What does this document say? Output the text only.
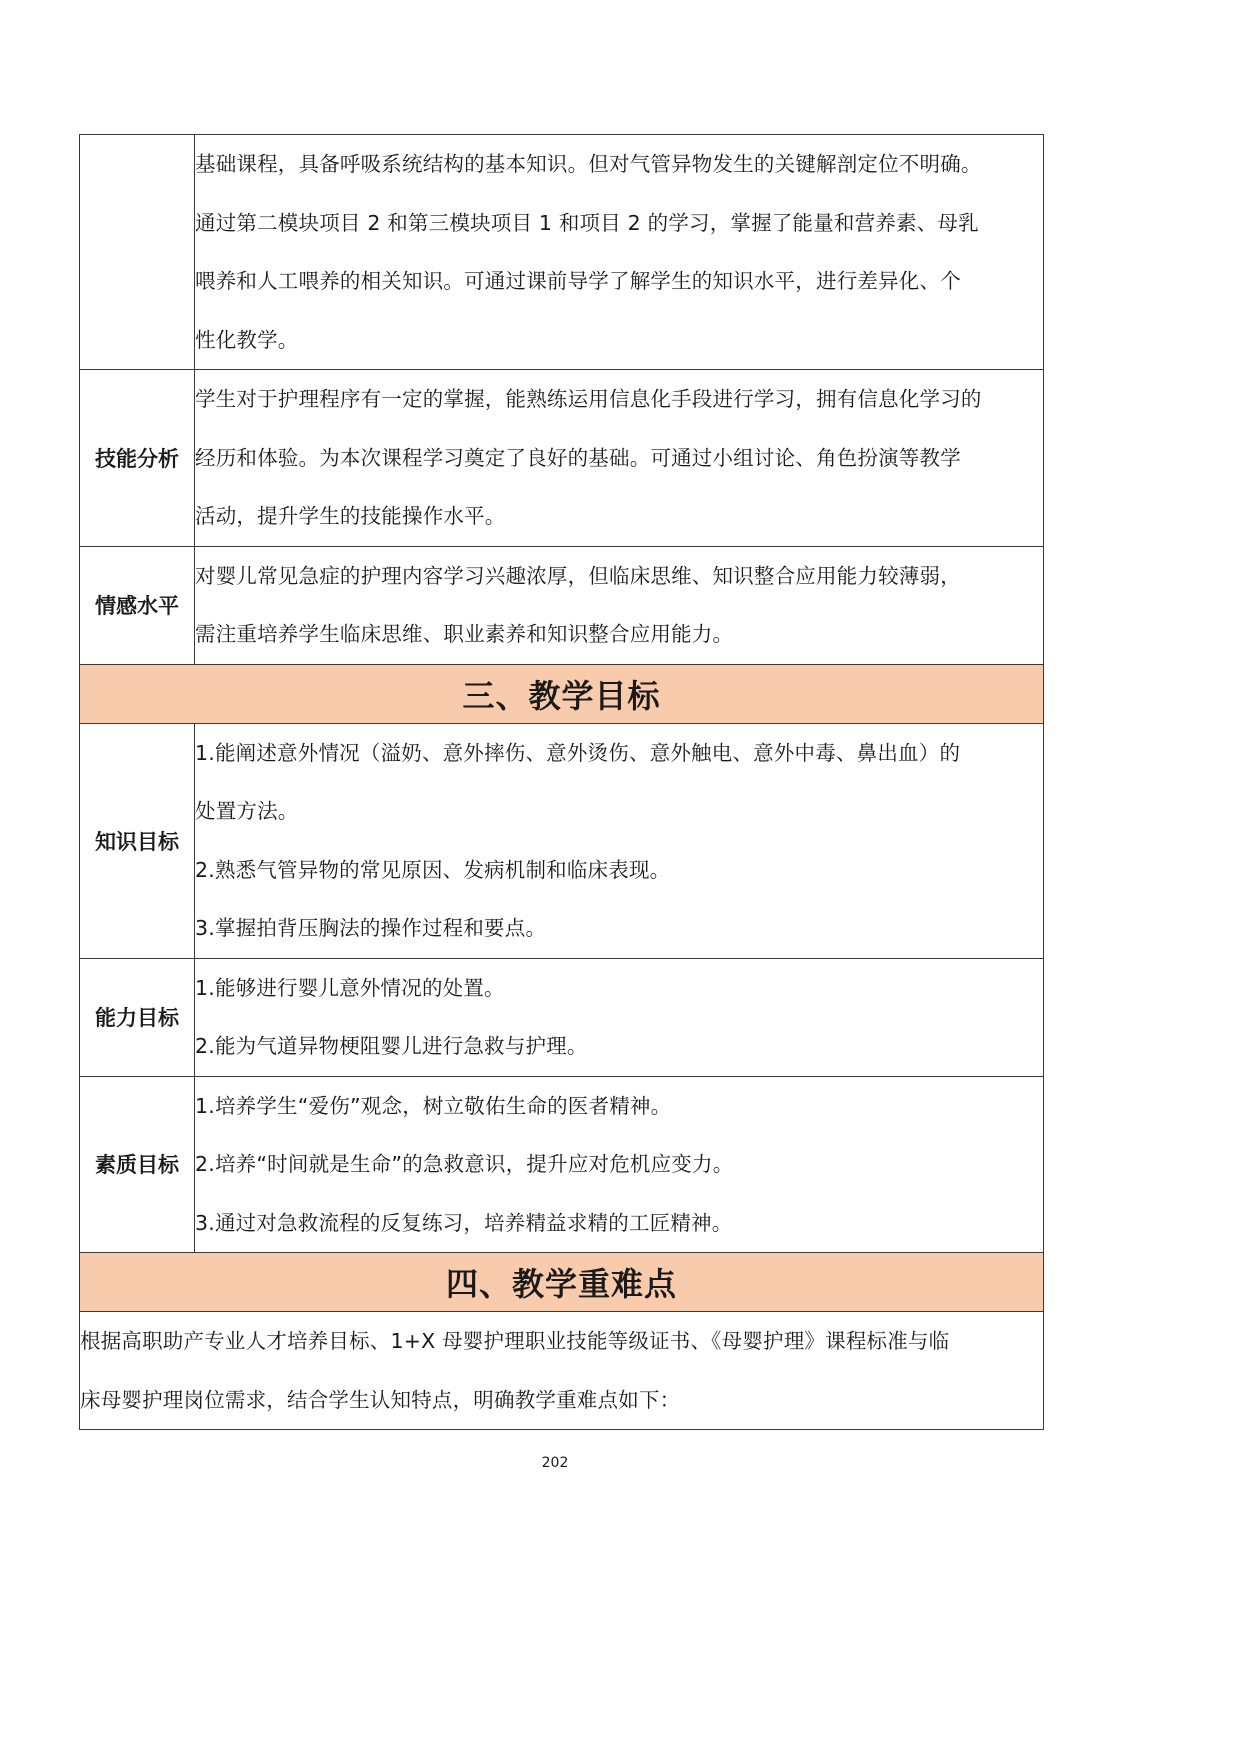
	基础课程，具备呼吸系统结构的基本知识。但对气管异物发生的关键解剖定位不明确。
通过第二模块项目 2 和第三模块项目 1 和项目 2 的学习，掌握了能量和营养素、母乳
喂养和人工喂养的相关知识。可通过课前导学了解学生的知识水平，进行差异化、个
性化教学。

技能分析	学生对于护理程序有一定的掌握，能熟练运用信息化手段进行学习，拥有信息化学习的
经历和体验。为本次课程学习奠定了良好的基础。可通过小组讨论、角色扮演等教学
活动，提升学生的技能操作水平。

情感水平	对婴儿常见急症的护理内容学习兴趣浓厚，但临床思维、知识整合应用能力较薄弱，
需注重培养学生临床思维、职业素养和知识整合应用能力。

三、教学目标	
知识目标	1.能阐述意外情况（溢奶、意外摔伤、意外烫伤、意外触电、意外中毒、鼻出血）的
处置方法。
2.熟悉气管异物的常见原因、发病机制和临床表现。
3.掌握拍背压胸法的操作过程和要点。

能力目标	1.能够进行婴儿意外情况的处置。
2.能为气道异物梗阻婴儿进行急救与护理。

素质目标	1.培养学生“爱伤”观念，树立敬佑生命的医者精神。
2.培养“时间就是生命”的急救意识，提升应对危机应变力。
3.通过对急救流程的反复练习，培养精益求精的工匠精神。

四、教学重难点	

根据高职助产专业人才培养目标、1+X 母婴护理职业技能等级证书、《母婴护理》课程标准与临
床母婴护理岗位需求，结合学生认知特点，明确教学重难点如下：	
202
